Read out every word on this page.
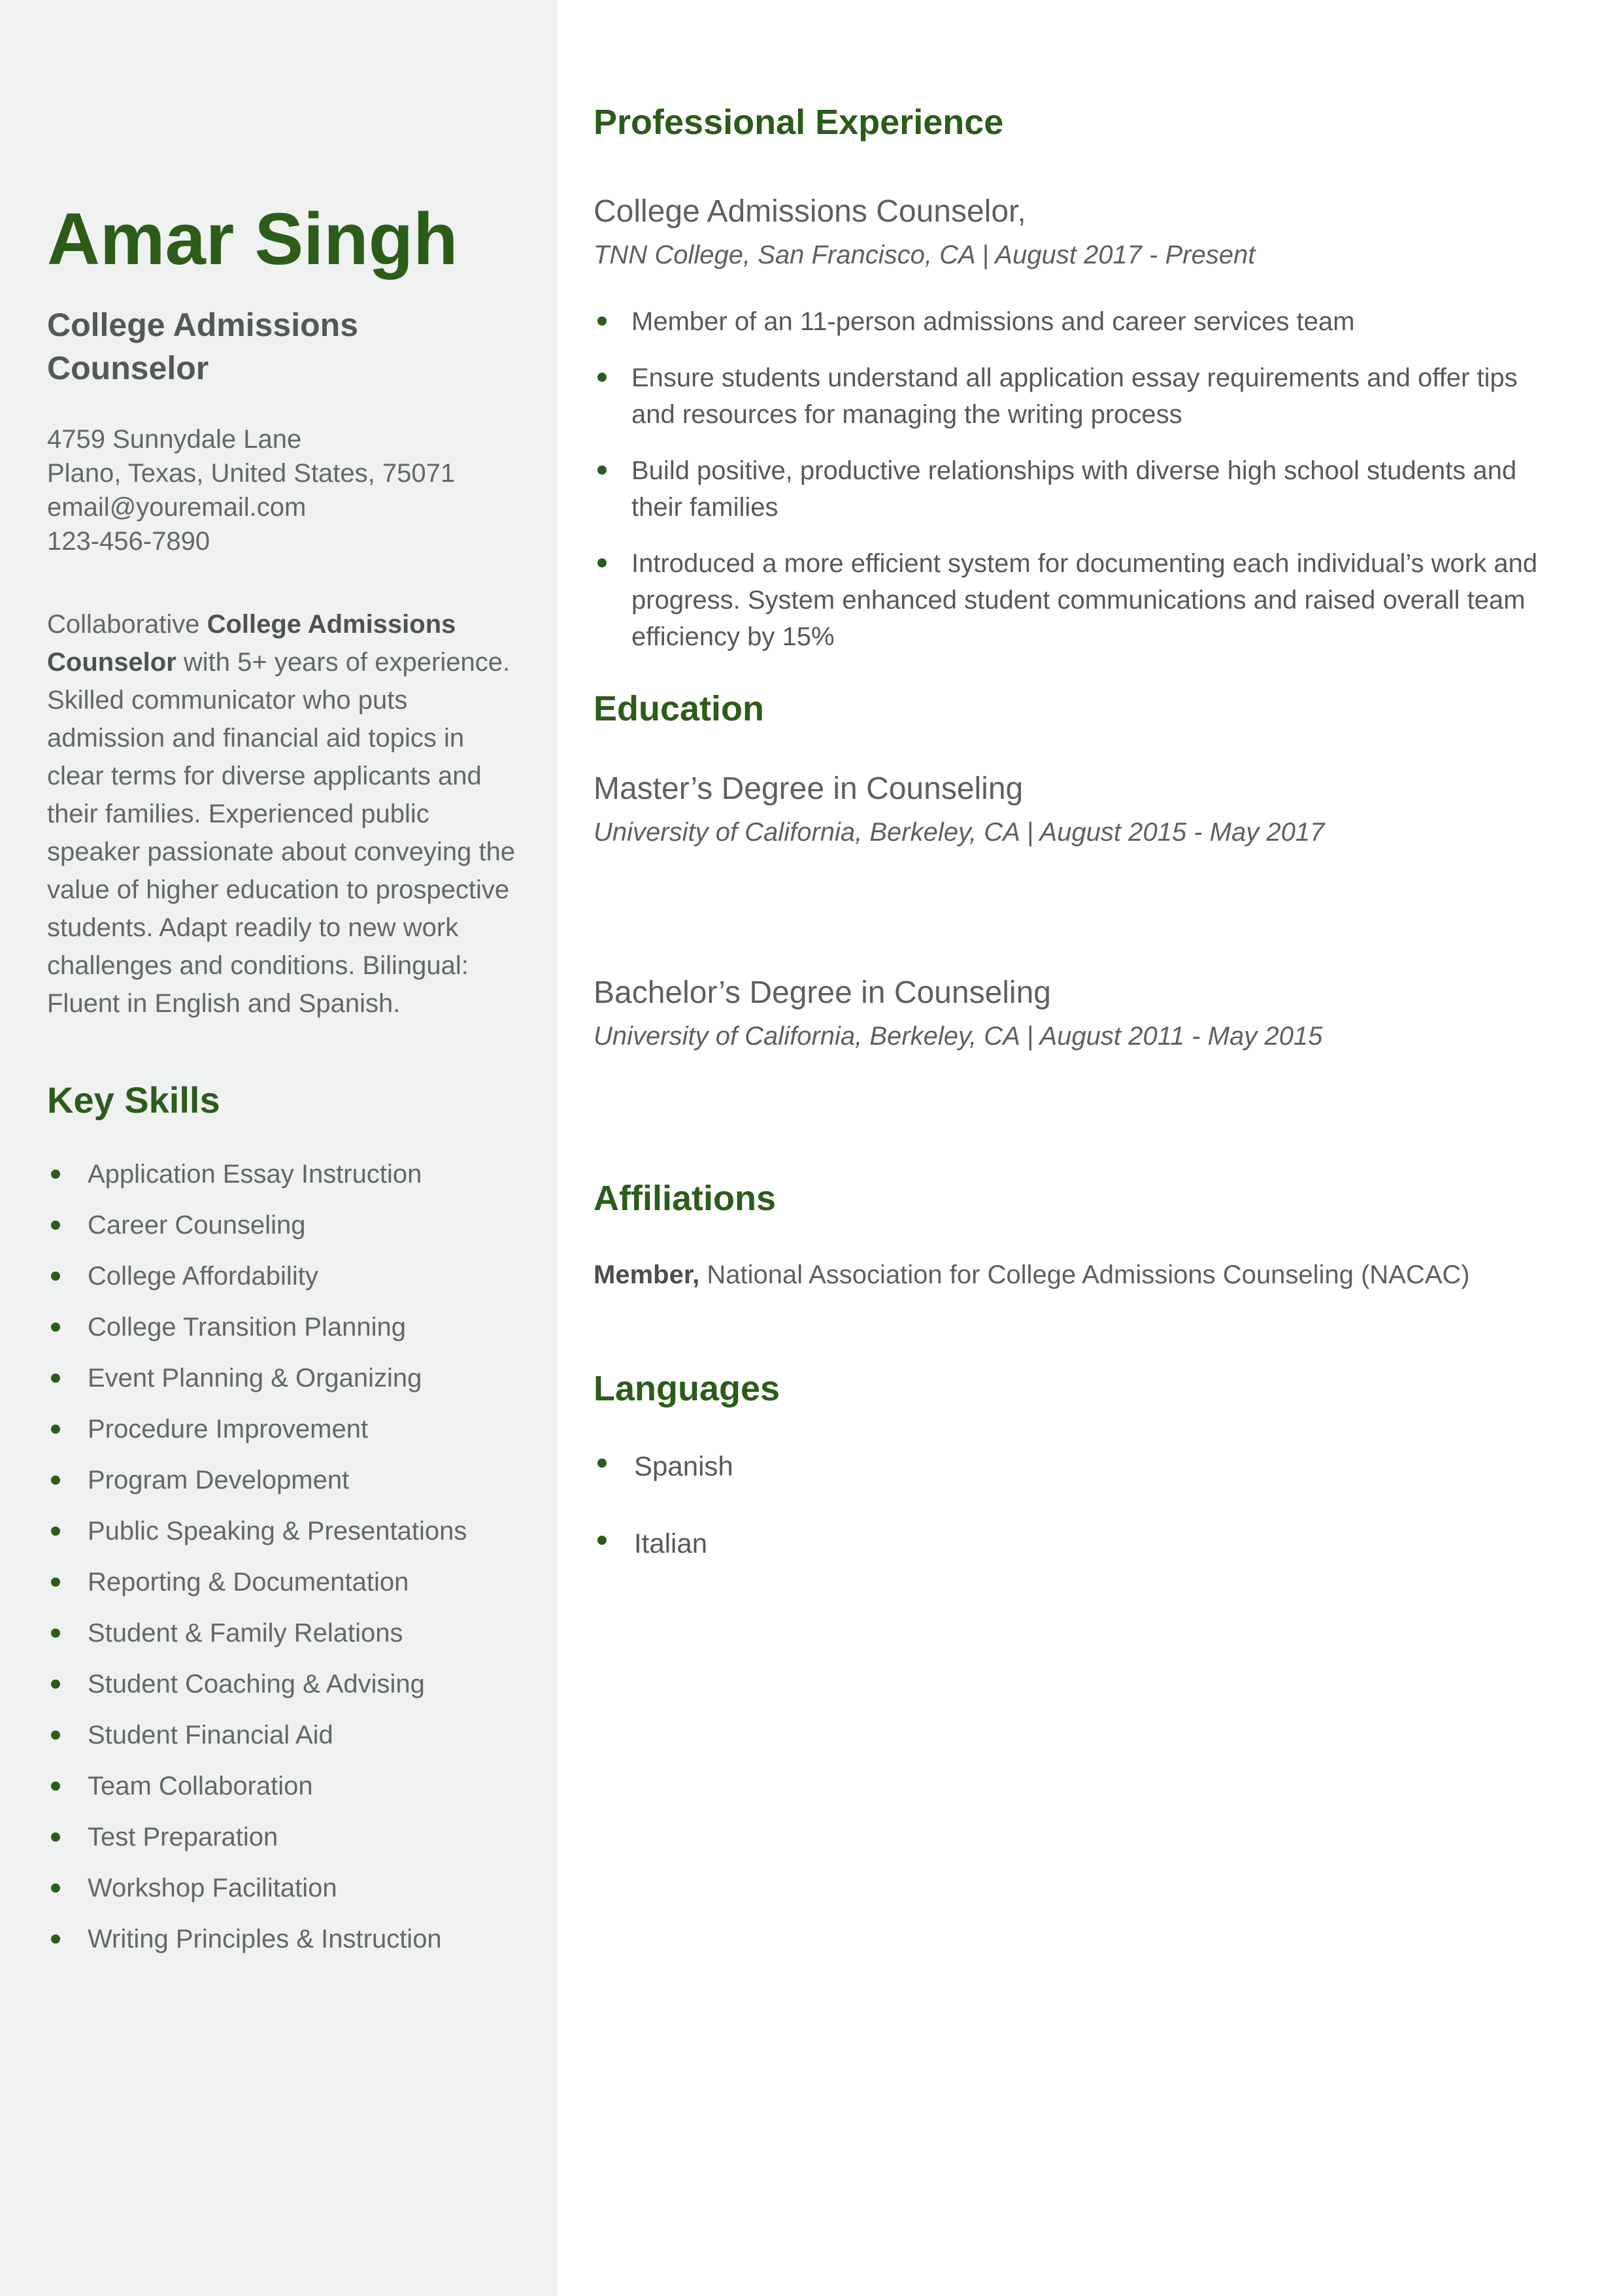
Amar Singh
College Admissions Counselor
4759 Sunnydale Lane
Plano, Texas, United States, 75071
email@youremail.com
123-456-7890

Collaborative College Admissions Counselor with 5+ years of experience. Skilled communicator who puts admission and financial aid topics in clear terms for diverse applicants and their families. Experienced public speaker passionate about conveying the value of higher education to prospective students. Adapt readily to new work challenges and conditions. Bilingual: Fluent in English and Spanish.

Key Skills
Application Essay Instruction
Career Counseling
College Affordability
College Transition Planning
Event Planning & Organizing
Procedure Improvement
Program Development
Public Speaking & Presentations
Reporting & Documentation
Student & Family Relations
Student Coaching & Advising
Student Financial Aid
Team Collaboration
Test Preparation
Workshop Facilitation
Writing Principles & Instruction
Professional Experience
College Admissions Counselor,
TNN College, San Francisco, CA | August 2017 - Present
Member of an 11-person admissions and career services team
Ensure students understand all application essay requirements and offer tips and resources for managing the writing process
Build positive, productive relationships with diverse high school students and their families
Introduced a more efficient system for documenting each individual’s work and progress. System enhanced student communications and raised overall team efficiency by 15%
Education
Master’s Degree in Counseling
University of California, Berkeley, CA | August 2015 - May 2017
Bachelor’s Degree in Counseling
University of California, Berkeley, CA | August 2011 - May 2015
Affiliations

Member, National Association for College Admissions Counseling (NACAC)

Languages
Spanish
Italian
